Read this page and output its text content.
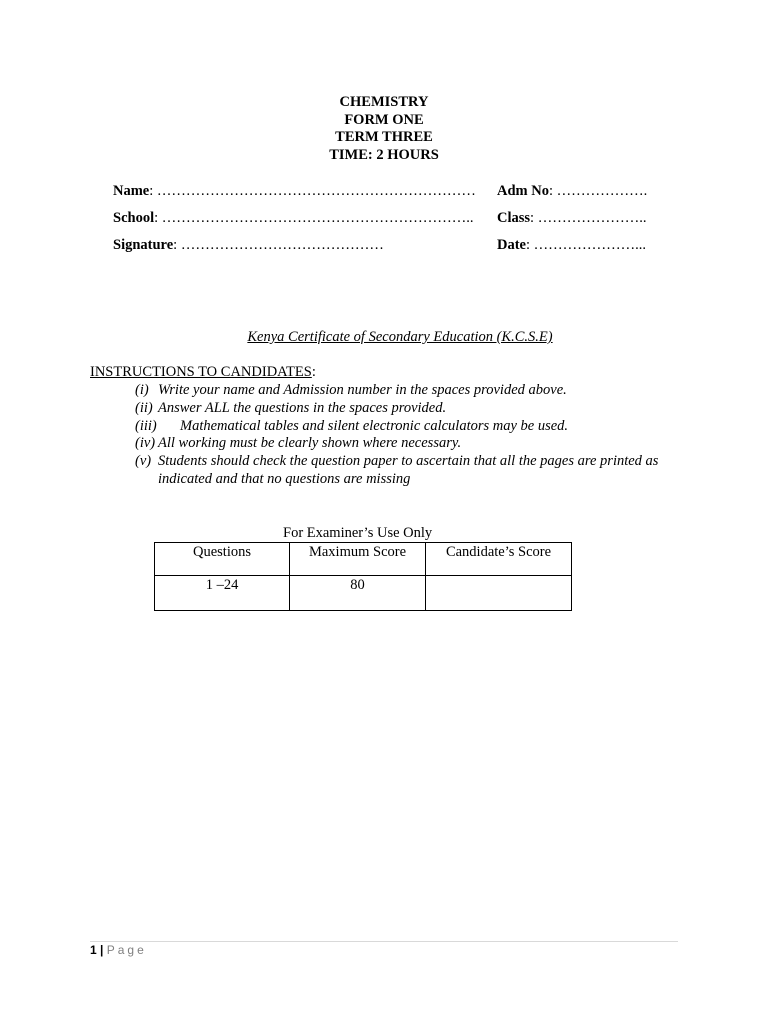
CHEMISTRY
FORM ONE
TERM THREE
TIME: 2 HOURS
Name: ………………………………………………………… Adm No: ……………….
School: ……………………………………………………….. Class: …………………..
Signature: ……………………………………	Date: …………………...
Kenya Certificate of Secondary Education (K.C.S.E)
INSTRUCTIONS TO CANDIDATES:
(i) Write your name and Admission number in the spaces provided above.
(ii) Answer ALL the questions in the spaces provided.
(iii) Mathematical tables and silent electronic calculators may be used.
(iv) All working must be clearly shown where necessary.
(v) Students should check the question paper to ascertain that all the pages are printed as indicated and that no questions are missing
For Examiner’s Use Only
Questions	Maximum Score	Candidate’s Score
1 –24	80	
1 | Page
